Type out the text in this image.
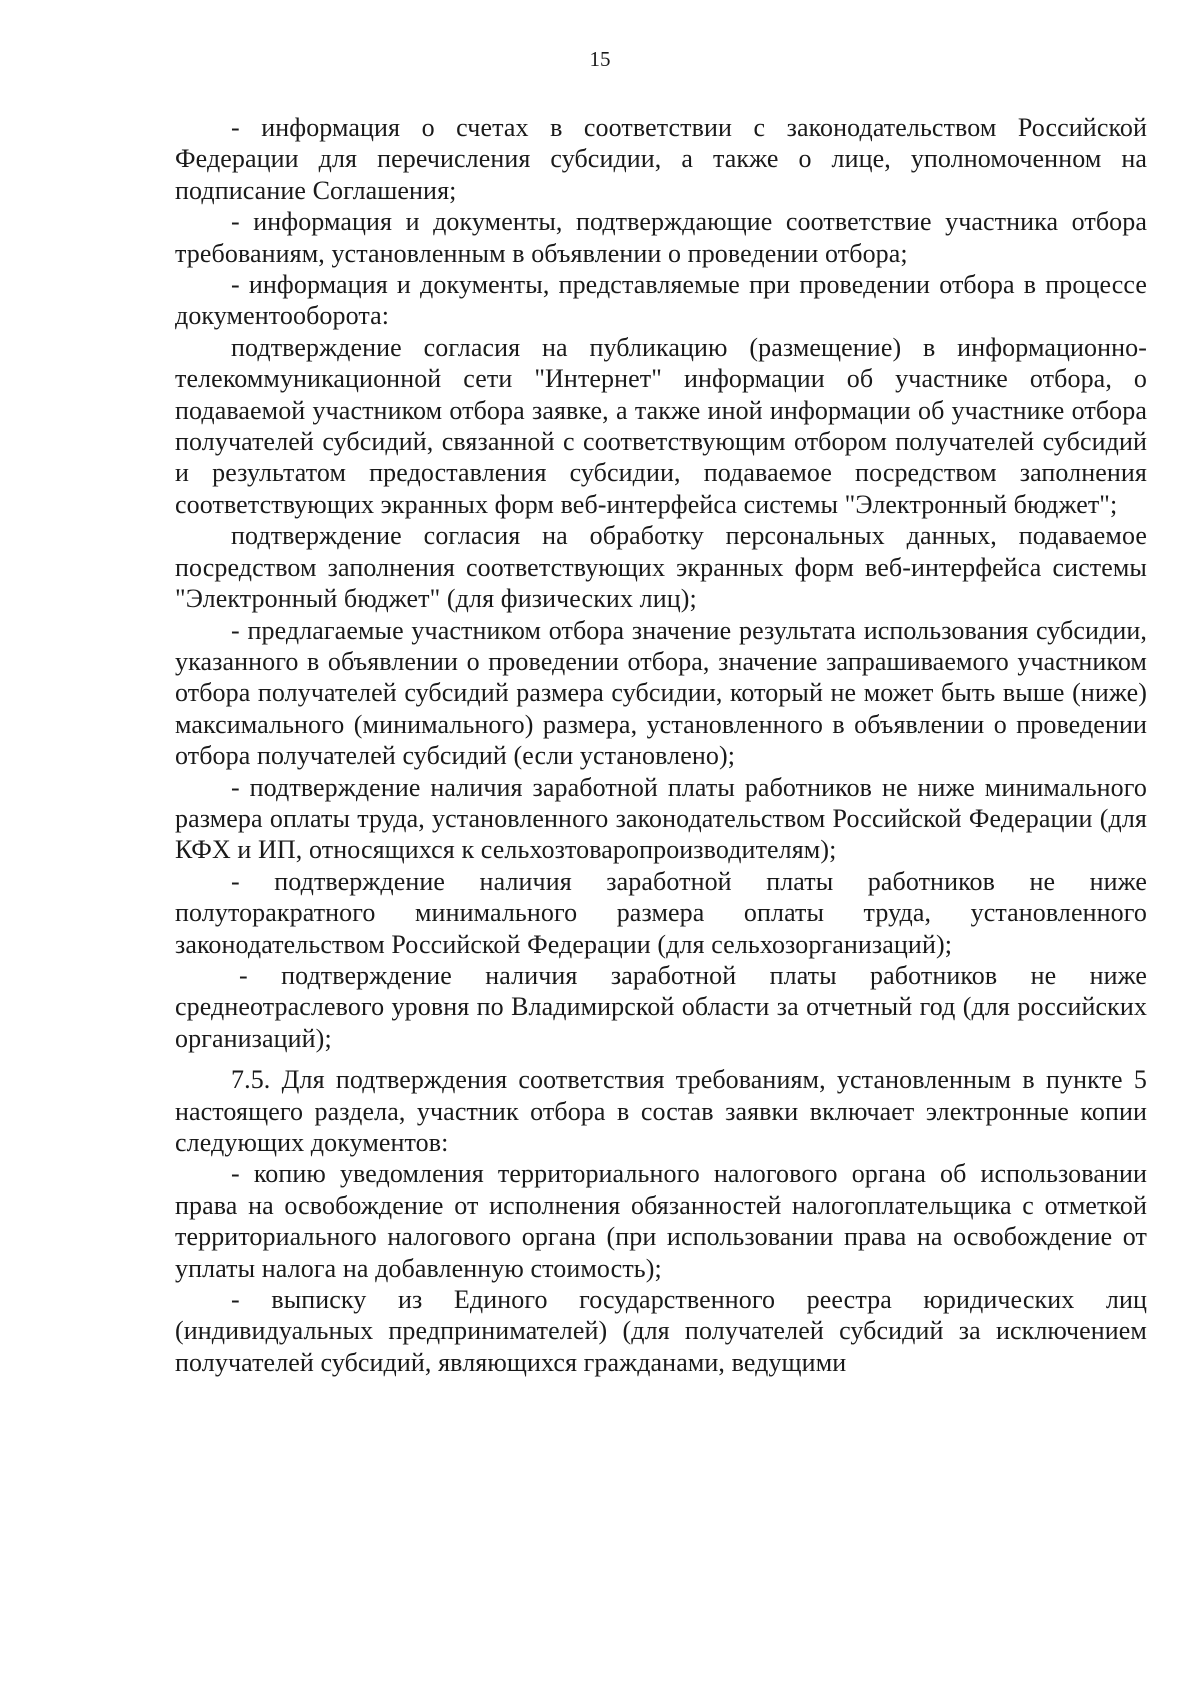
15

- информация о счетах в соответствии с законодательством Российской Федерации для перечисления субсидии, а также о лице, уполномоченном на подписание Соглашения;

- информация и документы, подтверждающие соответствие участника отбора требованиям, установленным в объявлении о проведении отбора;

- информация и документы, представляемые при проведении отбора в процессе документооборота:

подтверждение согласия на публикацию (размещение) в информационно-телекоммуникационной сети "Интернет" информации об участнике отбора, о подаваемой участником отбора заявке, а также иной информации об участнике отбора получателей субсидий, связанной с соответствующим отбором получателей субсидий и результатом предоставления субсидии, подаваемое посредством заполнения соответствующих экранных форм веб-интерфейса системы "Электронный бюджет";

подтверждение согласия на обработку персональных данных, подаваемое посредством заполнения соответствующих экранных форм веб-интерфейса системы "Электронный бюджет" (для физических лиц);

- предлагаемые участником отбора значение результата использования субсидии, указанного в объявлении о проведении отбора, значение запрашиваемого участником отбора получателей субсидий размера субсидии, который не может быть выше (ниже) максимального (минимального) размера, установленного в объявлении о проведении отбора получателей субсидий (если установлено);

- подтверждение наличия заработной платы работников не ниже минимального размера оплаты труда, установленного законодательством Российской Федерации (для КФХ и ИП, относящихся к сельхозтоваропроизводителям);

- подтверждение наличия заработной платы работников не ниже полуторакратного минимального размера оплаты труда, установленного законодательством Российской Федерации (для сельхозорганизаций);

- подтверждение наличия заработной платы работников не ниже среднеотраслевого уровня по Владимирской области за отчетный год (для российских организаций);

7.5. Для подтверждения соответствия требованиям, установленным в пункте 5 настоящего раздела, участник отбора в состав заявки включает электронные копии следующих документов:

- копию уведомления территориального налогового органа об использовании права на освобождение от исполнения обязанностей налогоплательщика с отметкой территориального налогового органа (при использовании права на освобождение от уплаты налога на добавленную стоимость);

- выписку из Единого государственного реестра юридических лиц (индивидуальных предпринимателей) (для получателей субсидий за исключением получателей субсидий, являющихся гражданами, ведущими
